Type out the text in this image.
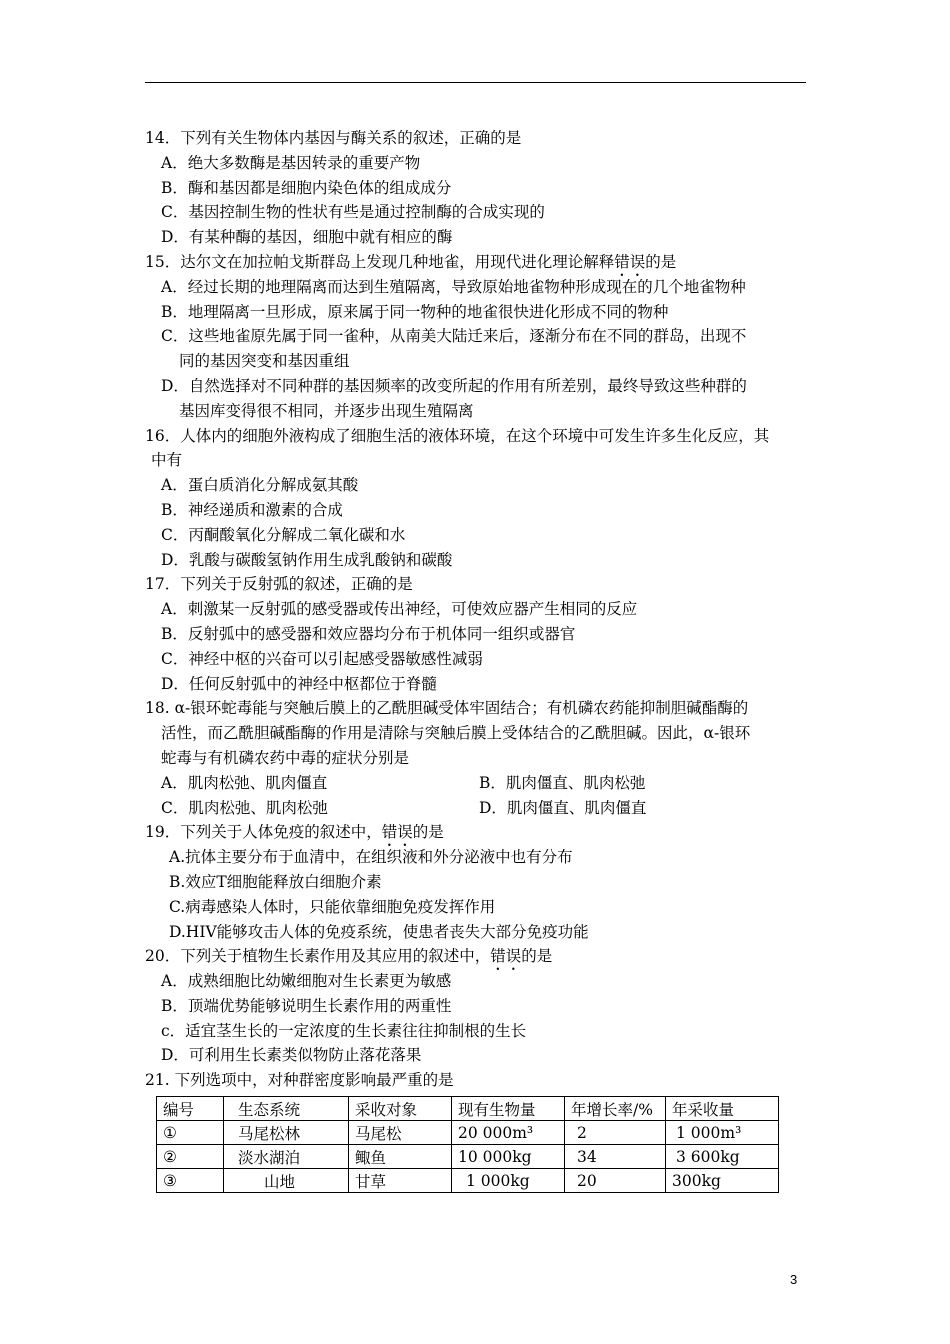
14．下列有关生物体内基因与酶关系的叙述，正确的是
A．绝大多数酶是基因转录的重要产物
B．酶和基因都是细胞内染色体的组成成分
C．基因控制生物的性状有些是通过控制酶的合成实现的
D．有某种酶的基因，细胞中就有相应的酶
15．达尔文在加拉帕戈斯群岛上发现几种地雀，用现代进化理论解释错误的是
A．经过长期的地理隔离而达到生殖隔离，导致原始地雀物种形成现在的几个地雀物种
B．地理隔离一旦形成，原来属于同一物种的地雀很快进化形成不同的物种
C．这些地雀原先属于同一雀种，从南美大陆迁来后，逐渐分布在不同的群岛，出现不
同的基因突变和基因重组
D．自然选择对不同种群的基因频率的改变所起的作用有所差别，最终导致这些种群的
基因库变得很不相同，并逐步出现生殖隔离
16．人体内的细胞外液构成了细胞生活的液体环境，在这个环境中可发生许多生化反应，其
中有
A．蛋白质消化分解成氨其酸
B．神经递质和激素的合成
C．丙酮酸氧化分解成二氧化碳和水
D．乳酸与碳酸氢钠作用生成乳酸钠和碳酸
17．下列关于反射弧的叙述，正确的是
A．刺激某一反射弧的感受器或传出神经，可使效应器产生相同的反应
B．反射弧中的感受器和效应器均分布于机体同一组织或器官
C．神经中枢的兴奋可以引起感受器敏感性减弱
D．任何反射弧中的神经中枢都位于脊髓
18. α-银环蛇毒能与突触后膜上的乙酰胆碱受体牢固结合；有机磷农药能抑制胆碱酯酶的
活性，而乙酰胆碱酯酶的作用是清除与突触后膜上受体结合的乙酰胆碱。因此，α-银环
蛇毒与有机磷农药中毒的症状分别是
A．肌肉松弛、肌肉僵直	B．肌肉僵直、肌肉松弛
C．肌肉松弛、肌肉松弛	D．肌肉僵直、肌肉僵直
19．下列关于人体免疫的叙述中，错误的是
A.抗体主要分布于血清中，在组织液和外分泌液中也有分布
B.效应T细胞能释放白细胞介素
C.病毒感染人体时，只能依靠细胞免疫发挥作用
D.HIV能够攻击人体的免疫系统，使患者丧失大部分免疫功能
20．下列关于植物生长素作用及其应用的叙述中，错误的是
A．成熟细胞比幼嫩细胞对生长素更为敏感
B．顶端优势能够说明生长素作用的两重性
c．适宜茎生长的一定浓度的生长素往往抑制根的生长
D．可利用生长素类似物防止落花落果
21. 下列选项中，对种群密度影响最严重的是
编号	生态系统	采收对象	现有生物量	年增长率/%	年采收量
①	马尾松林	马尾松	20 000m³	2	1 000m³
②	淡水湖泊	鲰鱼	10 000kg	34	3 600kg
③	山地	甘草	1 000kg	20	300kg
3
